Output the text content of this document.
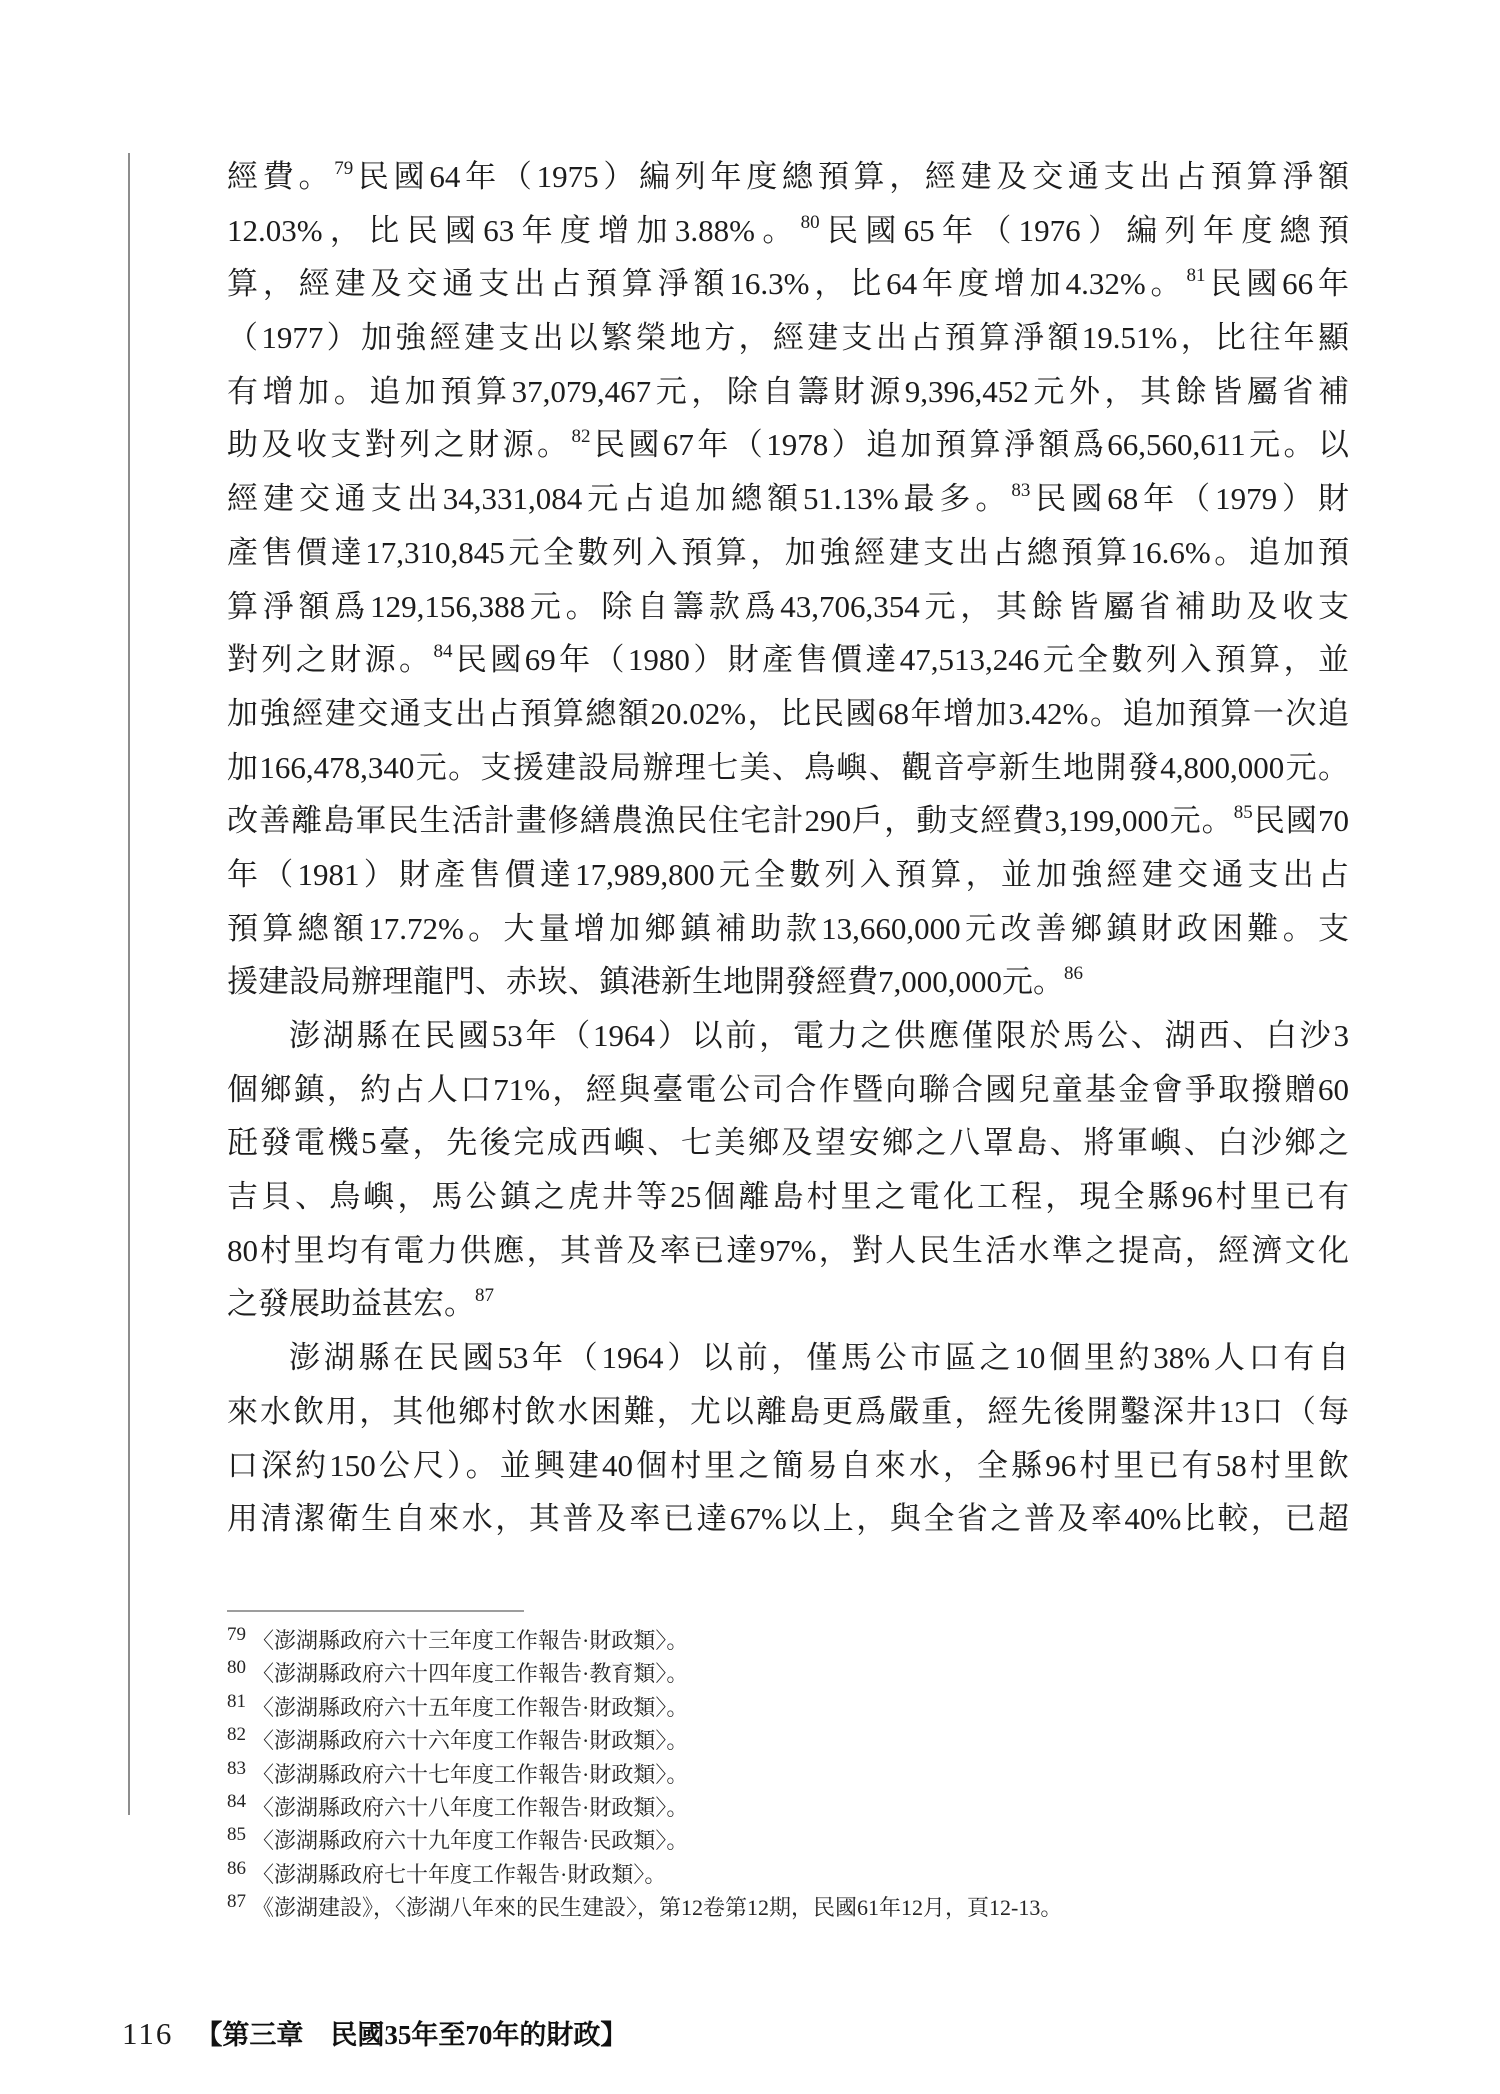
經費。$^{79}$民國64年（1975）編列年度總預算，經建及交通支出占預算淨額
12.03%，比民國63年度增加3.88%。$^{80}$民國65年（1976）編列年度總預
算，經建及交通支出占預算淨額16.3%，比64年度增加4.32%。$^{81}$民國66年
（1977）加強經建支出以繁榮地方，經建支出占預算淨額19.51%，比往年顯
有增加。追加預算37,079,467元，除自籌財源9,396,452元外，其餘皆屬省補
助及收支對列之財源。$^{82}$民國67年（1978）追加預算淨額爲66,560,611元。以
經建交通支出34,331,084元占追加總額51.13%最多。$^{83}$民國68年（1979）財
產售價達17,310,845元全數列入預算，加強經建支出占總預算16.6%。追加預
算淨額爲129,156,388元。除自籌款爲43,706,354元，其餘皆屬省補助及收支
對列之財源。$^{84}$民國69年（1980）財產售價達47,513,246元全數列入預算，並
加強經建交通支出占預算總額20.02%，比民國68年增加3.42%。追加預算一次追
加166,478,340元。支援建設局辦理七美、鳥嶼、觀音亭新生地開發4,800,000元。
改善離島軍民生活計畫修繕農漁民住宅計290戶，動支經費3,199,000元。$^{85}$民國70
年（1981）財產售價達17,989,800元全數列入預算，並加強經建交通支出占
預算總額17.72%。大量增加鄉鎮補助款13,660,000元改善鄉鎮財政困難。支
援建設局辦理龍門、赤崁、鎮港新生地開發經費7,000,000元。$^{86}$
澎湖縣在民國53年（1964）以前，電力之供應僅限於馬公、湖西、白沙3
個鄉鎮，約占人口71%，經與臺電公司合作暨向聯合國兒童基金會爭取撥贈60
瓩發電機5臺，先後完成西嶼、七美鄉及望安鄉之八罩島、將軍嶼、白沙鄉之
吉貝、鳥嶼，馬公鎮之虎井等25個離島村里之電化工程，現全縣96村里已有
80村里均有電力供應，其普及率已達97%，對人民生活水準之提高，經濟文化
之發展助益甚宏。$^{87}$
澎湖縣在民國53年（1964）以前，僅馬公市區之10個里約38%人口有自
來水飲用，其他鄉村飲水困難，尤以離島更爲嚴重，經先後開鑿深井13口（每
口深約150公尺）。並興建40個村里之簡易自來水，全縣96村里已有58村里飲
用清潔衛生自來水，其普及率已達67%以上，與全省之普及率40%比較，已超
$^{79}$ 〈澎湖縣政府六十三年度工作報告·財政類〉。
$^{80}$ 〈澎湖縣政府六十四年度工作報告·教育類〉。
$^{81}$ 〈澎湖縣政府六十五年度工作報告·財政類〉。
$^{82}$ 〈澎湖縣政府六十六年度工作報告·財政類〉。
$^{83}$ 〈澎湖縣政府六十七年度工作報告·財政類〉。
$^{84}$ 〈澎湖縣政府六十八年度工作報告·財政類〉。
$^{85}$ 〈澎湖縣政府六十九年度工作報告·民政類〉。
$^{86}$ 〈澎湖縣政府七十年度工作報告·財政類〉。
$^{87}$ 《澎湖建設》，〈澎湖八年來的民生建設〉，第12卷第12期，民國61年12月，頁12-13。
116 【第三章　民國35年至70年的財政】
